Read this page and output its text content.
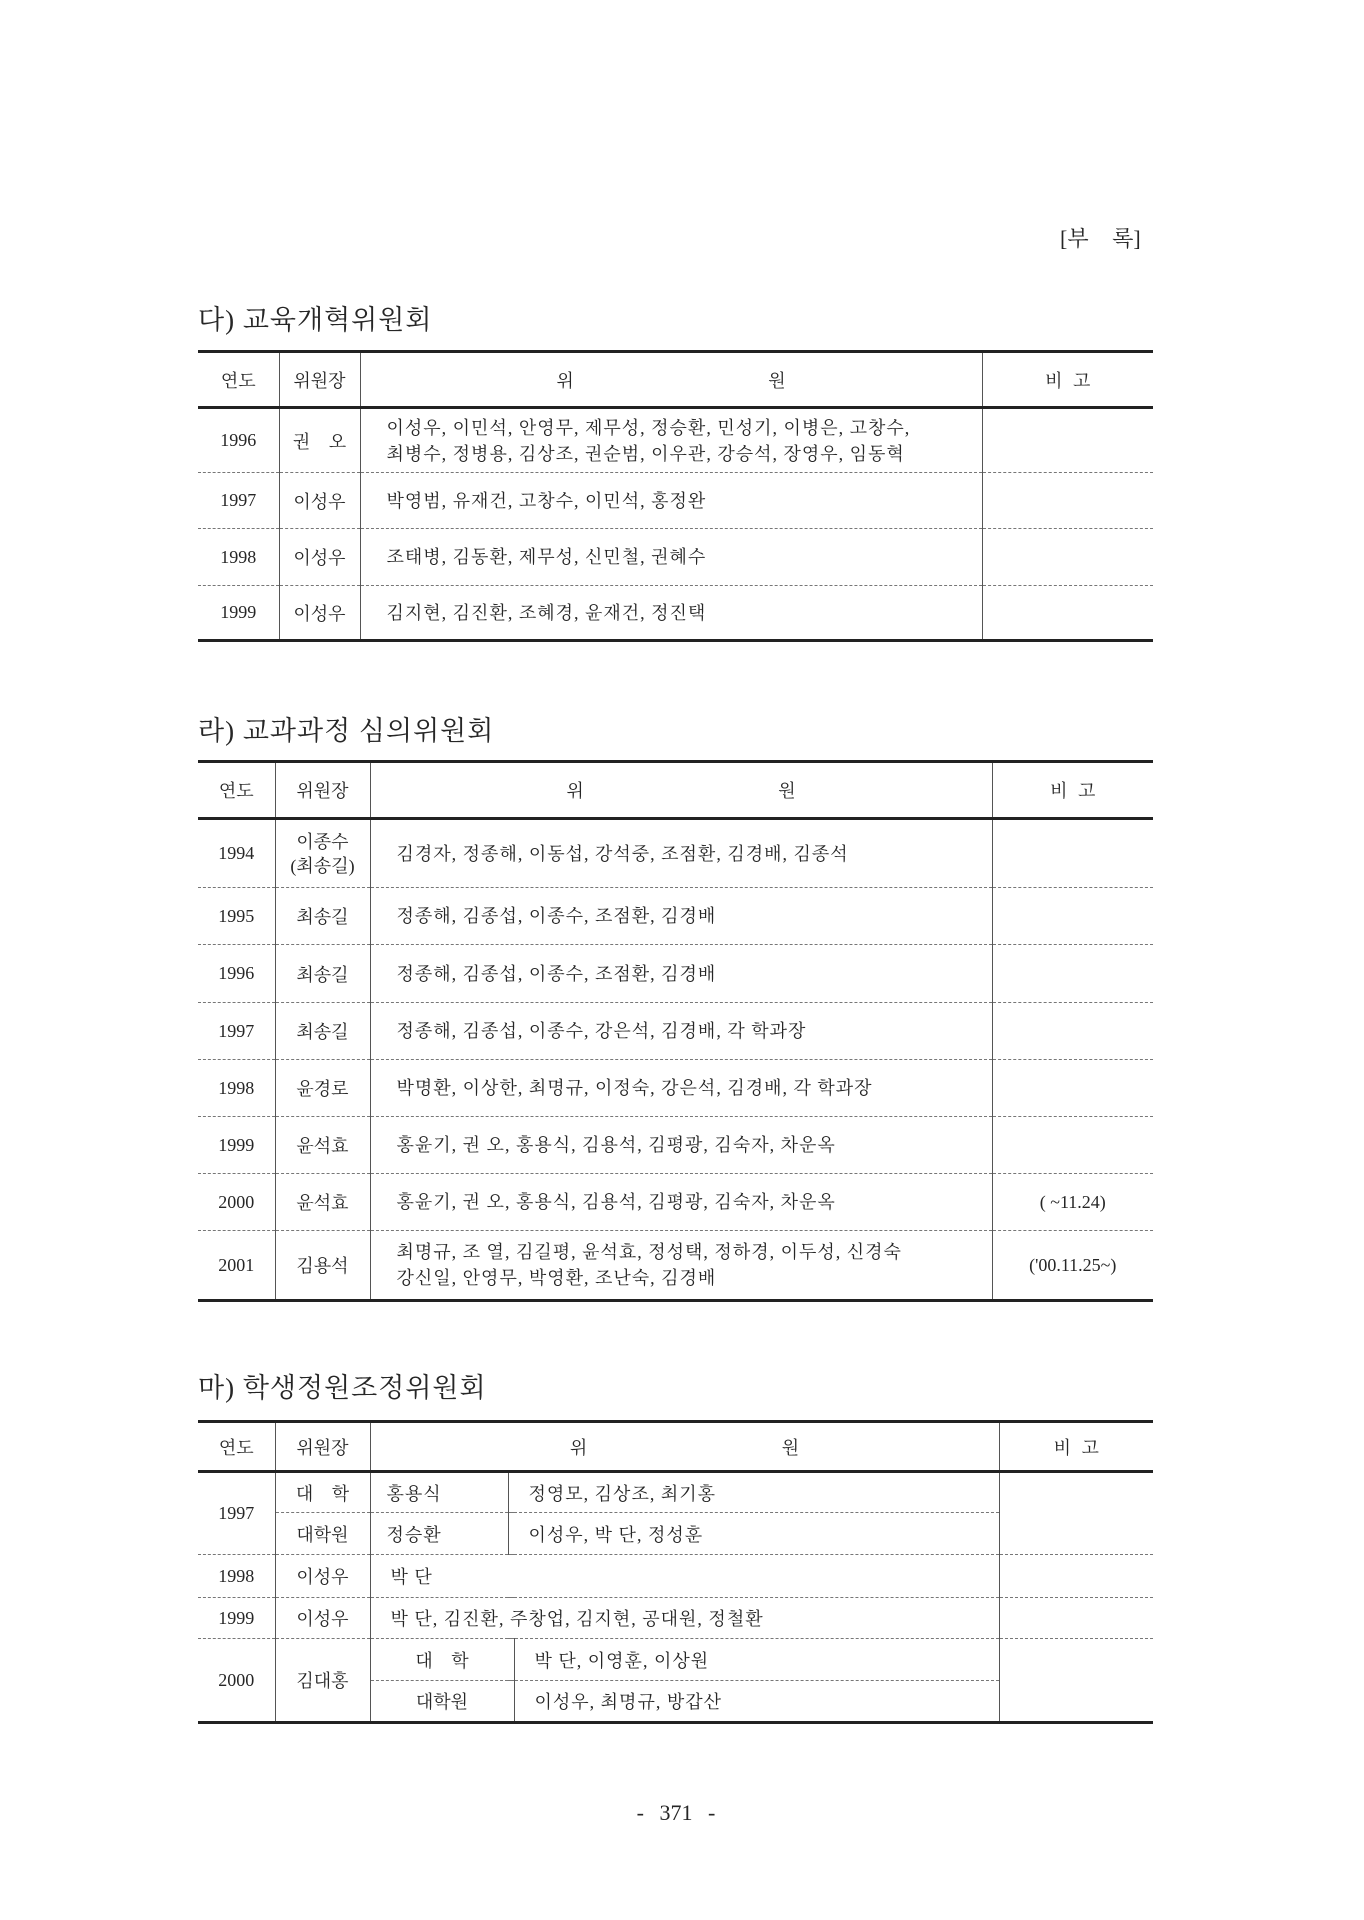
[부 록]
다) 교육개혁위원회
연도	위원장	위 원	비 고
1996	권 오	이성우, 이민석, 안영무, 제무성, 정승환, 민성기, 이병은, 고창수,
최병수, 정병용, 김상조, 권순범, 이우관, 강승석, 장영우, 임동혁	

1997	이성우	박영범, 유재건, 고창수, 이민석, 홍정완	

1998	이성우	조태병, 김동환, 제무성, 신민철, 권혜수	

1999	이성우	김지현, 김진환, 조혜경, 윤재건, 정진택	

라) 교과과정 심의위원회
연도	위원장	위 원	비 고
1994	이종수
(최송길)	김경자, 정종해, 이동섭, 강석중, 조점환, 김경배, 김종석	

1995	최송길	정종해, 김종섭, 이종수, 조점환, 김경배	

1996	최송길	정종해, 김종섭, 이종수, 조점환, 김경배	

1997	최송길	정종해, 김종섭, 이종수, 강은석, 김경배, 각 학과장	

1998	윤경로	박명환, 이상한, 최명규, 이정숙, 강은석, 김경배, 각 학과장	

1999	윤석효	홍윤기, 권 오, 홍용식, 김용석, 김평광, 김숙자, 차운옥	

2000	윤석효	홍윤기, 권 오, 홍용식, 김용석, 김평광, 김숙자, 차운옥	( ~11.24)
2001	김용석	최명규, 조 열, 김길평, 윤석효, 정성택, 정하경, 이두성, 신경숙
강신일, 안영무, 박영환, 조난숙, 김경배	('00.11.25~)
마) 학생정원조정위원회
연도	위원장	위 원			비 고
1997	대 학	홍용식	정영모, 김상조, 최기홍		
	대학원	정승환	이성우, 박 단, 정성훈		
1998	이성우	박 단			
1999	이성우	박 단, 김진환, 주창업, 김지현, 공대원, 정철환			
2000	김대홍	대 학		박 단, 이영훈, 이상원	
		대학원		이성우, 최명규, 방갑산	
- 371 -
